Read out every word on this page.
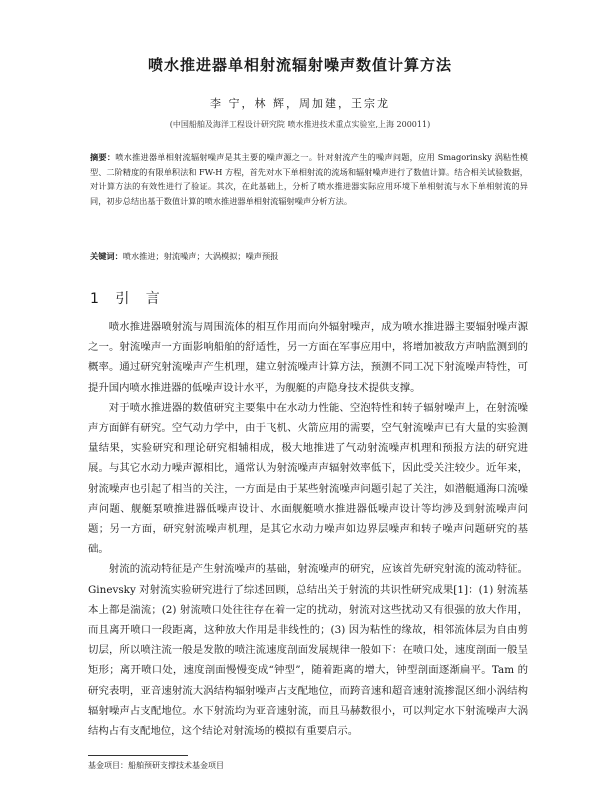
喷水推进器单相射流辐射噪声数值计算方法
李 宁，林 辉，周加建，王宗龙
(中国船舶及海洋工程设计研究院 喷水推进技术重点实验室,上海 200011)
摘要：喷水推进器单相射流辐射噪声是其主要的噪声源之一。针对射流产生的噪声问题，应用 Smagorinsky 涡粘性模型、二阶精度的有限单积法和 FW-H 方程，首先对水下单相射流的流场和辐射噪声进行了数值计算。结合相关试验数据，对计算方法的有效性进行了验证。其次，在此基础上，分析了喷水推进器实际应用环境下单相射流与水下单相射流的异同，初步总结出基于数值计算的喷水推进器单相射流辐射噪声分析方法。
关键词：喷水推进；射流噪声；大涡模拟；噪声预报
1 引 言

喷水推进器喷射流与周围流体的相互作用而向外辐射噪声，成为喷水推进器主要辐射噪声源之一。射流噪声一方面影响船舶的舒适性，另一方面在军事应用中，将增加被敌方声呐监测到的概率。通过研究射流噪声产生机理，建立射流噪声计算方法，预测不同工况下射流噪声特性，可提升国内喷水推进器的低噪声设计水平，为舰艇的声隐身技术提供支撑。

对于喷水推进器的数值研究主要集中在水动力性能、空泡特性和转子辐射噪声上，在射流噪声方面鲜有研究。空气动力学中，由于飞机、火箭应用的需要，空气射流噪声已有大量的实验测量结果，实验研究和理论研究相辅相成，极大地推进了气动射流噪声机理和预报方法的研究进展。与其它水动力噪声源相比，通常认为射流噪声声辐射效率低下，因此受关注较少。近年来，射流噪声也引起了相当的关注，一方面是由于某些射流噪声问题引起了关注，如潜艇通海口流噪声问题、舰艇泵喷推进器低噪声设计、水面舰艇喷水推进器低噪声设计等均涉及到射流噪声问题；另一方面，研究射流噪声机理，是其它水动力噪声如边界层噪声和转子噪声问题研究的基础。

射流的流动特征是产生射流噪声的基础，射流噪声的研究，应该首先研究射流的流动特征。Ginevsky 对射流实验研究进行了综述回顾，总结出关于射流的共识性研究成果[1]：(1) 射流基本上都是湍流；(2) 射流喷口处往往存在着一定的扰动，射流对这些扰动又有很强的放大作用，而且离开喷口一段距离，这种放大作用是非线性的；(3) 因为粘性的缘故，相邻流体层为自由剪切层，所以喷注流一般是发散的喷注流速度剖面发展规律一般如下：在喷口处，速度剖面一般呈矩形；离开喷口处，速度剖面慢慢变成“钟型”，随着距离的增大，钟型剖面逐渐扁平。Tam 的研究表明，亚音速射流大涡结构辐射噪声占支配地位，而跨音速和超音速射流掺混区细小涡结构辐射噪声占支配地位。水下射流均为亚音速射流，而且马赫数很小，可以判定水下射流噪声大涡结构占有支配地位，这个结论对射流场的模拟有重要启示。

基金项目：船舶预研支撑技术基金项目
